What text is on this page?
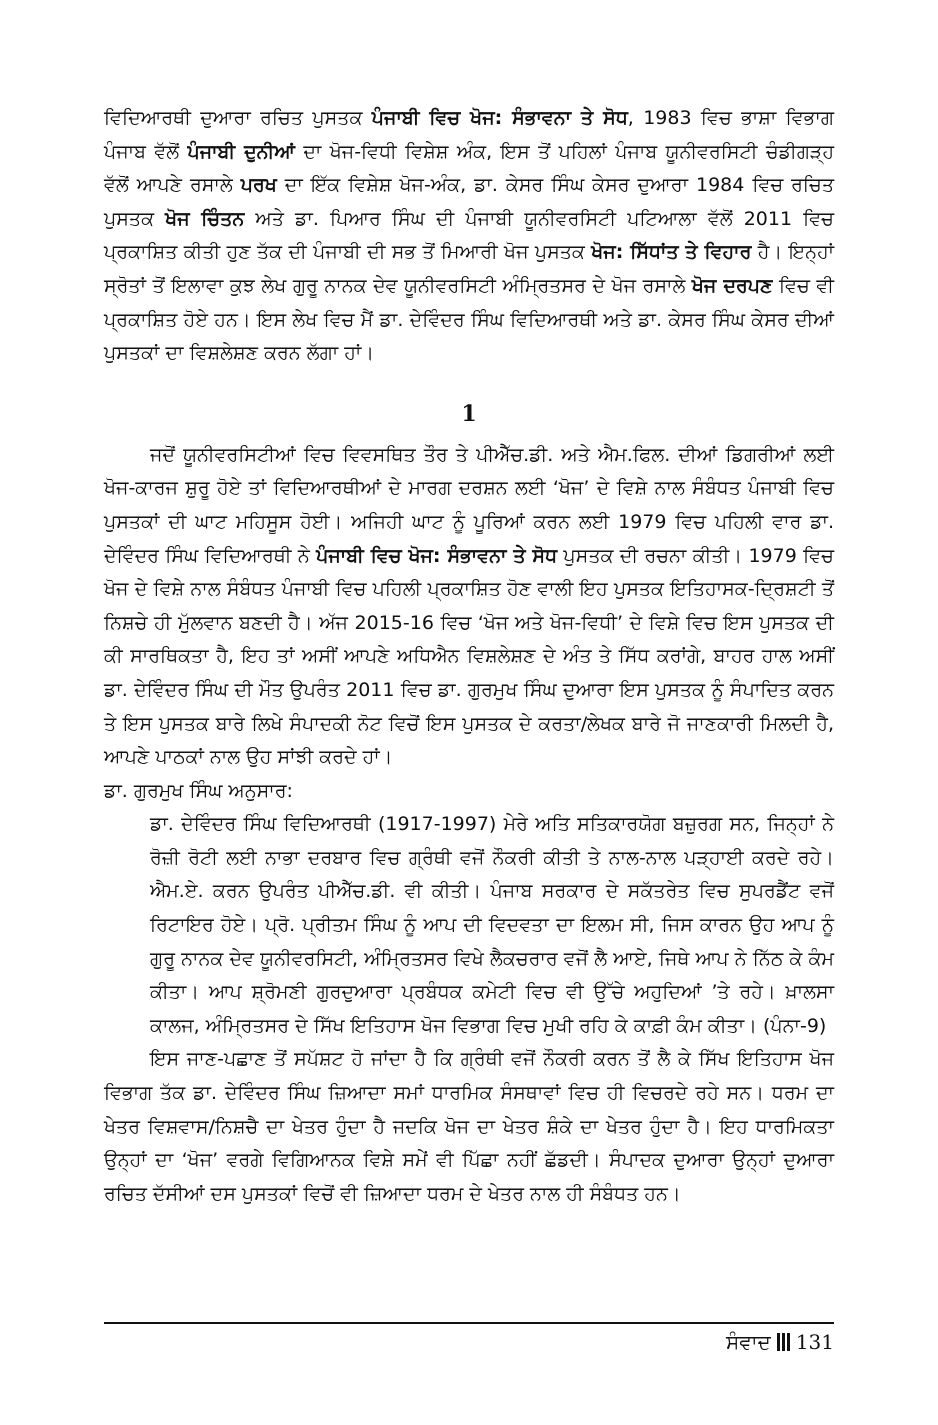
ਵਿਦਿਆਰਥੀ ਦੁਆਰਾ ਰਚਿਤ ਪੁਸਤਕ ਪੰਜਾਬੀ ਵਿਚ ਖੋਜ: ਸੰਭਾਵਨਾ ਤੇ ਸੋਧ, 1983 ਵਿਚ ਭਾਸ਼ਾ ਵਿਭਾਗ ਪੰਜਾਬ ਵੱਲੋਂ ਪੰਜਾਬੀ ਦੁਨੀਆਂ ਦਾ ਖੋਜ-ਵਿਧੀ ਵਿਸ਼ੇਸ਼ ਅੰਕ, ਇਸ ਤੋਂ ਪਹਿਲਾਂ ਪੰਜਾਬ ਯੂਨੀਵਰਸਿਟੀ ਚੰਡੀਗੜ੍ਹ ਵੱਲੋਂ ਆਪਣੇ ਰਸਾਲੇ ਪਰਖ ਦਾ ਇੱਕ ਵਿਸ਼ੇਸ਼ ਖੋਜ-ਅੰਕ, ਡਾ. ਕੇਸਰ ਸਿੰਘ ਕੇਸਰ ਦੁਆਰਾ 1984 ਵਿਚ ਰਚਿਤ ਪੁਸਤਕ ਖੋਜ ਚਿੰਤਨ ਅਤੇ ਡਾ. ਪਿਆਰ ਸਿੰਘ ਦੀ ਪੰਜਾਬੀ ਯੂਨੀਵਰਸਿਟੀ ਪਟਿਆਲਾ ਵੱਲੋਂ 2011 ਵਿਚ ਪ੍ਰਕਾਸ਼ਿਤ ਕੀਤੀ ਹੁਣ ਤੱਕ ਦੀ ਪੰਜਾਬੀ ਦੀ ਸਭ ਤੋਂ ਮਿਆਰੀ ਖੋਜ ਪੁਸਤਕ ਖੋਜ: ਸਿੱਧਾਂਤ ਤੇ ਵਿਹਾਰ ਹੈ। ਇਨ੍ਹਾਂ ਸ੍ਰੋਤਾਂ ਤੋਂ ਇਲਾਵਾ ਕੁਝ ਲੇਖ ਗੁਰੂ ਨਾਨਕ ਦੇਵ ਯੂਨੀਵਰਸਿਟੀ ਅੰਮ੍ਰਿਤਸਰ ਦੇ ਖੋਜ ਰਸਾਲੇ ਖੋਜ ਦਰਪਣ ਵਿਚ ਵੀ ਪ੍ਰਕਾਸ਼ਿਤ ਹੋਏ ਹਨ। ਇਸ ਲੇਖ ਵਿਚ ਮੈਂ ਡਾ. ਦੇਵਿੰਦਰ ਸਿੰਘ ਵਿਦਿਆਰਥੀ ਅਤੇ ਡਾ. ਕੇਸਰ ਸਿੰਘ ਕੇਸਰ ਦੀਆਂ ਪੁਸਤਕਾਂ ਦਾ ਵਿਸ਼ਲੇਸ਼ਣ ਕਰਨ ਲੱਗਾ ਹਾਂ।

1

ਜਦੋਂ ਯੂਨੀਵਰਸਿਟੀਆਂ ਵਿਚ ਵਿਵਸਥਿਤ ਤੌਰ ਤੇ ਪੀਐੱਚ.ਡੀ. ਅਤੇ ਐਮ.ਫਿਲ. ਦੀਆਂ ਡਿਗਰੀਆਂ ਲਈ ਖੋਜ-ਕਾਰਜ ਸ਼ੁਰੂ ਹੋਏ ਤਾਂ ਵਿਦਿਆਰਥੀਆਂ ਦੇ ਮਾਰਗ ਦਰਸ਼ਨ ਲਈ ‘ਖੋਜ’ ਦੇ ਵਿਸ਼ੇ ਨਾਲ ਸੰਬੰਧਤ ਪੰਜਾਬੀ ਵਿਚ ਪੁਸਤਕਾਂ ਦੀ ਘਾਟ ਮਹਿਸੂਸ ਹੋਈ। ਅਜਿਹੀ ਘਾਟ ਨੂੰ ਪੂਰਿਆਂ ਕਰਨ ਲਈ 1979 ਵਿਚ ਪਹਿਲੀ ਵਾਰ ਡਾ. ਦੇਵਿੰਦਰ ਸਿੰਘ ਵਿਦਿਆਰਥੀ ਨੇ ਪੰਜਾਬੀ ਵਿਚ ਖੋਜ: ਸੰਭਾਵਨਾ ਤੇ ਸੋਧ ਪੁਸਤਕ ਦੀ ਰਚਨਾ ਕੀਤੀ। 1979 ਵਿਚ ਖੋਜ ਦੇ ਵਿਸ਼ੇ ਨਾਲ ਸੰਬੰਧਤ ਪੰਜਾਬੀ ਵਿਚ ਪਹਿਲੀ ਪ੍ਰਕਾਸ਼ਿਤ ਹੋਣ ਵਾਲੀ ਇਹ ਪੁਸਤਕ ਇਤਿਹਾਸਕ-ਦ੍ਰਿਸ਼ਟੀ ਤੋਂ ਨਿਸ਼ਚੇ ਹੀ ਮੁੱਲਵਾਨ ਬਣਦੀ ਹੈ। ਅੱਜ 2015-16 ਵਿਚ ‘ਖੋਜ ਅਤੇ ਖੋਜ-ਵਿਧੀ’ ਦੇ ਵਿਸ਼ੇ ਵਿਚ ਇਸ ਪੁਸਤਕ ਦੀ ਕੀ ਸਾਰਥਿਕਤਾ ਹੈ, ਇਹ ਤਾਂ ਅਸੀਂ ਆਪਣੇ ਅਧਿਐਨ ਵਿਸ਼ਲੇਸ਼ਣ ਦੇ ਅੰਤ ਤੇ ਸਿੱਧ ਕਰਾਂਗੇ, ਬਾਹਰ ਹਾਲ ਅਸੀਂ ਡਾ. ਦੇਵਿੰਦਰ ਸਿੰਘ ਦੀ ਮੌਤ ਉਪਰੰਤ 2011 ਵਿਚ ਡਾ. ਗੁਰਮੁਖ ਸਿੰਘ ਦੁਆਰਾ ਇਸ ਪੁਸਤਕ ਨੂੰ ਸੰਪਾਦਿਤ ਕਰਨ ਤੇ ਇਸ ਪੁਸਤਕ ਬਾਰੇ ਲਿਖੇ ਸੰਪਾਦਕੀ ਨੋਟ ਵਿਚੋਂ ਇਸ ਪੁਸਤਕ ਦੇ ਕਰਤਾ/ਲੇਖਕ ਬਾਰੇ ਜੋ ਜਾਣਕਾਰੀ ਮਿਲਦੀ ਹੈ, ਆਪਣੇ ਪਾਠਕਾਂ ਨਾਲ ਉਹ ਸਾਂਝੀ ਕਰਦੇ ਹਾਂ।

ਡਾ. ਗੁਰਮੁਖ ਸਿੰਘ ਅਨੁਸਾਰ:

ਡਾ. ਦੇਵਿੰਦਰ ਸਿੰਘ ਵਿਦਿਆਰਥੀ (1917-1997) ਮੇਰੇ ਅਤਿ ਸਤਿਕਾਰਯੋਗ ਬਜ਼ੁਰਗ ਸਨ, ਜਿਨ੍ਹਾਂ ਨੇ ਰੋਜ਼ੀ ਰੋਟੀ ਲਈ ਨਾਭਾ ਦਰਬਾਰ ਵਿਚ ਗ੍ਰੰਥੀ ਵਜੋਂ ਨੌਕਰੀ ਕੀਤੀ ਤੇ ਨਾਲ-ਨਾਲ ਪੜ੍ਹਾਈ ਕਰਦੇ ਰਹੇ। ਐਮ.ਏ. ਕਰਨ ਉਪਰੰਤ ਪੀਐੱਚ.ਡੀ. ਵੀ ਕੀਤੀ। ਪੰਜਾਬ ਸਰਕਾਰ ਦੇ ਸਕੱਤਰੇਤ ਵਿਚ ਸੁਪਰਡੈਂਟ ਵਜੋਂ ਰਿਟਾਇਰ ਹੋਏ। ਪ੍ਰੋ. ਪ੍ਰੀਤਮ ਸਿੰਘ ਨੂੰ ਆਪ ਦੀ ਵਿਦਵਤਾ ਦਾ ਇਲਮ ਸੀ, ਜਿਸ ਕਾਰਨ ਉਹ ਆਪ ਨੂੰ ਗੁਰੂ ਨਾਨਕ ਦੇਵ ਯੂਨੀਵਰਸਿਟੀ, ਅੰਮ੍ਰਿਤਸਰ ਵਿਖੇ ਲੈਕਚਰਾਰ ਵਜੋਂ ਲੈ ਆਏ, ਜਿਥੇ ਆਪ ਨੇ ਨਿੱਠ ਕੇ ਕੰਮ ਕੀਤਾ। ਆਪ ਸ਼੍ਰੋਮਣੀ ਗੁਰਦੁਆਰਾ ਪ੍ਰਬੰਧਕ ਕਮੇਟੀ ਵਿਚ ਵੀ ਉੱਚੇ ਅਹੁਦਿਆਂ ’ਤੇ ਰਹੇ। ਖ਼ਾਲਸਾ ਕਾਲਜ, ਅੰਮ੍ਰਿਤਸਰ ਦੇ ਸਿੱਖ ਇਤਿਹਾਸ ਖੋਜ ਵਿਭਾਗ ਵਿਚ ਮੁਖੀ ਰਹਿ ਕੇ ਕਾਫ਼ੀ ਕੰਮ ਕੀਤਾ। (ਪੰਨਾ-9)

ਇਸ ਜਾਣ-ਪਛਾਣ ਤੋਂ ਸਪੱਸ਼ਟ ਹੋ ਜਾਂਦਾ ਹੈ ਕਿ ਗ੍ਰੰਥੀ ਵਜੋਂ ਨੌਕਰੀ ਕਰਨ ਤੋਂ ਲੈ ਕੇ ਸਿੱਖ ਇਤਿਹਾਸ ਖੋਜ ਵਿਭਾਗ ਤੱਕ ਡਾ. ਦੇਵਿੰਦਰ ਸਿੰਘ ਜ਼ਿਆਦਾ ਸਮਾਂ ਧਾਰਮਿਕ ਸੰਸਥਾਵਾਂ ਵਿਚ ਹੀ ਵਿਚਰਦੇ ਰਹੇ ਸਨ। ਧਰਮ ਦਾ ਖੇਤਰ ਵਿਸ਼ਵਾਸ/ਨਿਸ਼ਚੈ ਦਾ ਖੇਤਰ ਹੁੰਦਾ ਹੈ ਜਦਕਿ ਖੋਜ ਦਾ ਖੇਤਰ ਸ਼ੰਕੇ ਦਾ ਖੇਤਰ ਹੁੰਦਾ ਹੈ। ਇਹ ਧਾਰਮਿਕਤਾ ਉਨ੍ਹਾਂ ਦਾ ‘ਖੋਜ’ ਵਰਗੇ ਵਿਗਿਆਨਕ ਵਿਸ਼ੇ ਸਮੇਂ ਵੀ ਪਿੱਛਾ ਨਹੀਂ ਛੱਡਦੀ। ਸੰਪਾਦਕ ਦੁਆਰਾ ਉਨ੍ਹਾਂ ਦੁਆਰਾ ਰਚਿਤ ਦੱਸੀਆਂ ਦਸ ਪੁਸਤਕਾਂ ਵਿਚੋਂ ਵੀ ਜ਼ਿਆਦਾ ਧਰਮ ਦੇ ਖੇਤਰ ਨਾਲ ਹੀ ਸੰਬੰਧਤ ਹਨ।

ਸੰਵਾਦ 131
